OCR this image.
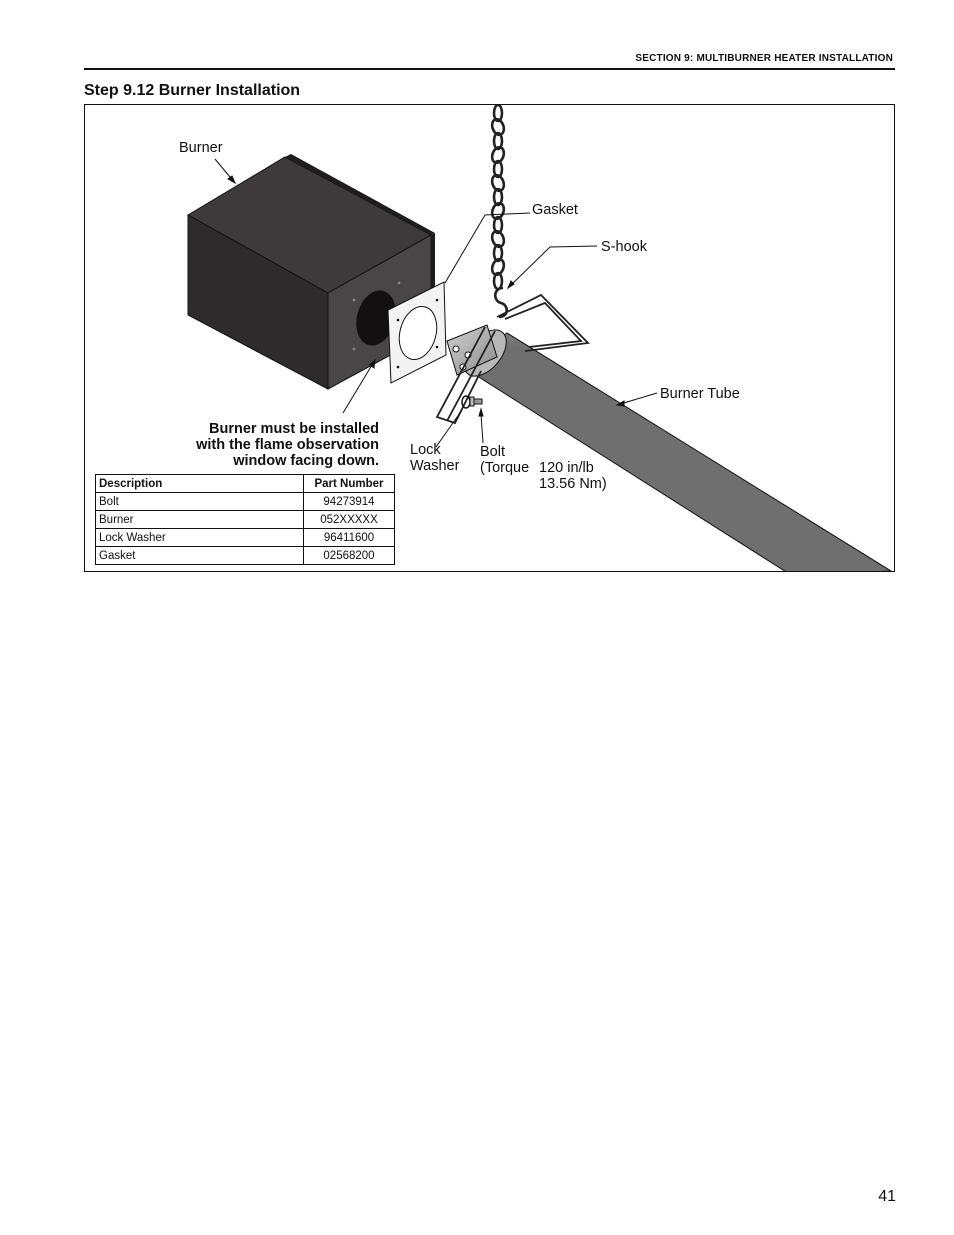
SECTION 9: MULTIBURNER HEATER INSTALLATION
Step 9.12 Burner Installation
Burner
Gasket
S-hook
Burner Tube
Lock
Washer
Bolt
(Torque 120 in/lb
13.56 Nm)
Burner must be installed
with the flame observation
window facing down.
Description	Part Number
Bolt	94273914
Burner	052XXXXX
Lock Washer	96411600
Gasket	02568200
41
